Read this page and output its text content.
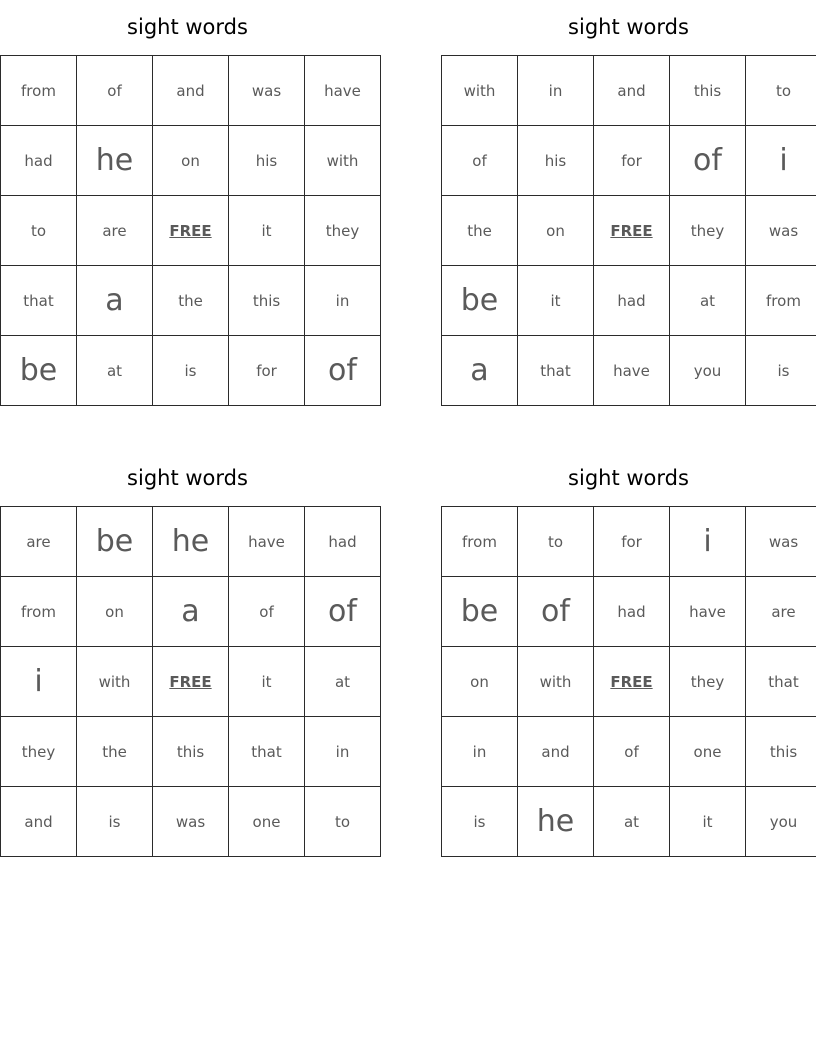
sight words
from	of	and	was	have
had	he	on	his	with
to	are	FREE	it	they
that	a	the	this	in
be	at	is	for	of
sight words
with	in	and	this	to
of	his	for	of	i
the	on	FREE	they	was
be	it	had	at	from
a	that	have	you	is
sight words
are	be	he	have	had
from	on	a	of	of
i	with	FREE	it	at
they	the	this	that	in
and	is	was	one	to
sight words
from	to	for	i	was
be	of	had	have	are
on	with	FREE	they	that
in	and	of	one	this
is	he	at	it	you
